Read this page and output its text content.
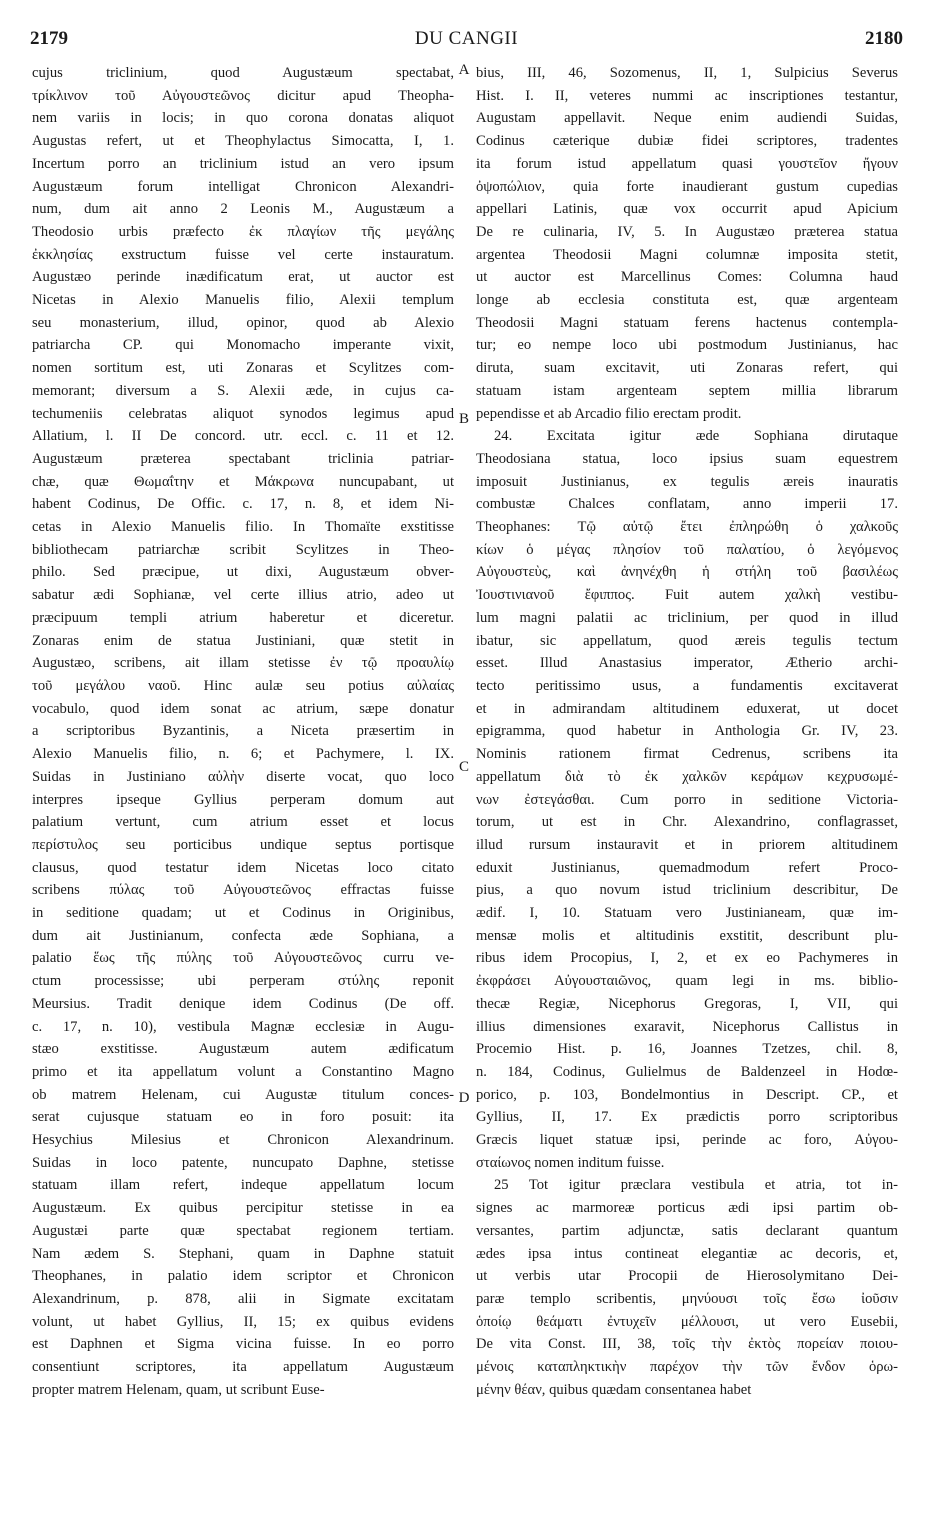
2179	DU CANGII	2180
cujus triclinium, quod Augustæum spectabat,
τρίκλινον τοῦ Αὐγουστεῶνος dicitur apud Theopha-
nem variis in locis; in quo corona donatas aliquot
Augustas refert, ut et Theophylactus Simocatta, I, 1.
Incertum porro an triclinium istud an vero ipsum
Augustæum forum intelligat Chronicon Alexandri-
num, dum ait anno 2 Leonis M., Augustæum a
Theodosio urbis præfecto ἐκ πλαγίων τῆς μεγάλης
ἐκκλησίας exstructum fuisse vel certe instauratum.
Augustæo perinde inædificatum erat, ut auctor est
Nicetas in Alexio Manuelis filio, Alexii templum
seu monasterium, illud, opinor, quod ab Alexio
patriarcha CP. qui Monomacho imperante vixit,
nomen sortitum est, uti Zonaras et Scylitzes com-
memorant; diversum a S. Alexii æde, in cujus ca-
techumeniis celebratas aliquot synodos legimus apud
Allatium, l. II De concord. utr. eccl. c. 11 et 12.
Augustæum præterea spectabant triclinia patriar-
chæ, quæ Θωμαΐτην et Μάκρωνα nuncupabant, ut
habent Codinus, De Offic. c. 17, n. 8, et idem Ni-
cetas in Alexio Manuelis filio. In Thomaïte exstitisse
bibliothecam patriarchæ scribit Scylitzes in Theo-
philo. Sed præcipue, ut dixi, Augustæum obver-
sabatur ædi Sophianæ, vel certe illius atrio, adeo ut
præcipuum templi atrium haberetur et diceretur.
Zonaras enim de statua Justiniani, quæ stetit in
Augustæo, scribens, ait illam stetisse ἐν τῷ προαυλίῳ
τοῦ μεγάλου ναοῦ. Hinc aulæ seu potius αὐλαίας
vocabulo, quod idem sonat ac atrium, sæpe donatur
a scriptoribus Byzantinis, a Niceta præsertim in
Alexio Manuelis filio, n. 6; et Pachymere, l. IX.
Suidas in Justiniano αὐλὴν diserte vocat, quo loco
interpres ipseque Gyllius perperam domum aut
palatium vertunt, cum atrium esset et locus
περίστυλος seu porticibus undique septus portisque
clausus, quod testatur idem Nicetas loco citato
scribens πύλας τοῦ Αὐγουστεῶνος effractas fuisse
in seditione quadam; ut et Codinus in Originibus,
dum ait Justinianum, confecta æde Sophiana, a
palatio ἕως τῆς πύλης τοῦ Αὐγουστεῶνος curru ve-
ctum processisse; ubi perperam στύλης reponit
Meursius. Tradit denique idem Codinus (De off.
c. 17, n. 10), vestibula Magnæ ecclesiæ in Augu-
stæo exstitisse. Augustæum autem ædificatum
primo et ita appellatum volunt a Constantino Magno
ob matrem Helenam, cui Augustæ titulum conces-
serat cujusque statuam eo in foro posuit: ita
Hesychius Milesius et Chronicon Alexandrinum.
Suidas in loco patente, nuncupato Daphne, stetisse
statuam illam refert, indeque appellatum locum
Augustæum. Ex quibus percipitur stetisse in ea
Augustæi parte quæ spectabat regionem tertiam.
Nam ædem S. Stephani, quam in Daphne statuit
Theophanes, in palatio idem scriptor et Chronicon
Alexandrinum, p. 878, alii in Sigmate excitatam
volunt, ut habet Gyllius, II, 15; ex quibus evidens
est Daphnen et Sigma vicina fuisse. In eo porro
consentiunt scriptores, ita appellatum Augustæum
propter matrem Helenam, quam, ut scribunt Euse-
bius, III, 46, Sozomenus, II, 1, Sulpicius Severus
Hist. I. II, veteres nummi ac inscriptiones testantur,
Augustam appellavit. Neque enim audiendi Suidas,
Codinus cæterique dubiæ fidei scriptores, tradentes
ita forum istud appellatum quasi γουστεῖον ἤγουν
ὀψοπώλιον, quia forte inaudierant gustum cupedias
appellari Latinis, quæ vox occurrit apud Apicium
De re culinaria, IV, 5. In Augustæo præterea statua
argentea Theodosii Magni columnæ imposita stetit,
ut auctor est Marcellinus Comes: Columna haud
longe ab ecclesia constituta est, quæ argenteam
Theodosii Magni statuam ferens hactenus contempla-
tur; eo nempe loco ubi postmodum Justinianus, hac
diruta, suam excitavit, uti Zonaras refert, qui
statuam istam argenteam septem millia librarum
pependisse et ab Arcadio filio erectam prodit.
24. Excitata igitur æde Sophiana dirutaque
Theodosiana statua, loco ipsius suam equestrem
imposuit Justinianus, ex tegulis æreis inauratis
combustæ Chalces conflatam, anno imperii 17.
Theophanes: Τῷ αὐτῷ ἔτει ἐπληρώθη ὁ χαλκοῦς
κίων ὁ μέγας πλησίον τοῦ παλατίου, ὁ λεγόμενος
Αὐγουστεὺς, καὶ ἀνηνέχθη ἡ στήλη τοῦ βασιλέως
Ἰουστινιανοῦ ἔφιππος. Fuit autem χαλκὴ vestibu-
lum magni palatii ac triclinium, per quod in illud
ibatur, sic appellatum, quod æreis tegulis tectum
esset. Illud Anastasius imperator, Ætherio archi-
tecto peritissimo usus, a fundamentis excitaverat
et in admirandam altitudinem eduxerat, ut docet
epigramma, quod habetur in Anthologia Gr. IV, 23.
Nominis rationem firmat Cedrenus, scribens ita
appellatum διὰ τὸ ἐκ χαλκῶν κεράμων κεχρυσωμέ-
νων ἐστεγάσθαι. Cum porro in seditione Victoria-
torum, ut est in Chr. Alexandrino, conflagrasset,
illud rursum instauravit et in priorem altitudinem
eduxit Justinianus, quemadmodum refert Proco-
pius, a quo novum istud triclinium describitur, De
ædif. I, 10. Statuam vero Justinianeam, quæ im-
mensæ molis et altitudinis exstitit, describunt plu-
ribus idem Procopius, I, 2, et ex eo Pachymeres in
ἐκφράσει Αὐγουσταιῶνος, quam legi in ms. biblio-
thecæ Regiæ, Nicephorus Gregoras, I, VII, qui
illius dimensiones exaravit, Nicephorus Callistus in
Procemio Hist. p. 16, Joannes Tzetzes, chil. 8,
n. 184, Codinus, Gulielmus de Baldenzeel in Hodœ-
porico, p. 103, Bondelmontius in Descript. CP., et
Gyllius, II, 17. Ex prædictis porro scriptoribus
Græcis liquet statuæ ipsi, perinde ac foro, Αὐγου-
σταίωνος nomen inditum fuisse.
25 Tot igitur præclara vestibula et atria, tot in-
signes ac marmoreæ porticus ædi ipsi partim ob-
versantes, partim adjunctæ, satis declarant quantum
ædes ipsa intus contineat elegantiæ ac decoris, et,
ut verbis utar Procopii de Hierosolymitano Dei-
paræ templo scribentis, μηνύουσι τοῖς ἔσω ἰοῦσιν
ὁποίῳ θεάματι ἐντυχεῖν μέλλουσι, ut vero Eusebii,
De vita Const. III, 38, τοῖς τὴν ἐκτὸς πορείαν ποιου-
μένοις καταπληκτικὴν παρέχον τὴν τῶν ἔνδον ὁρω-
μένην θέαν, quibus quædam consentanea habet
A
B
C
D
